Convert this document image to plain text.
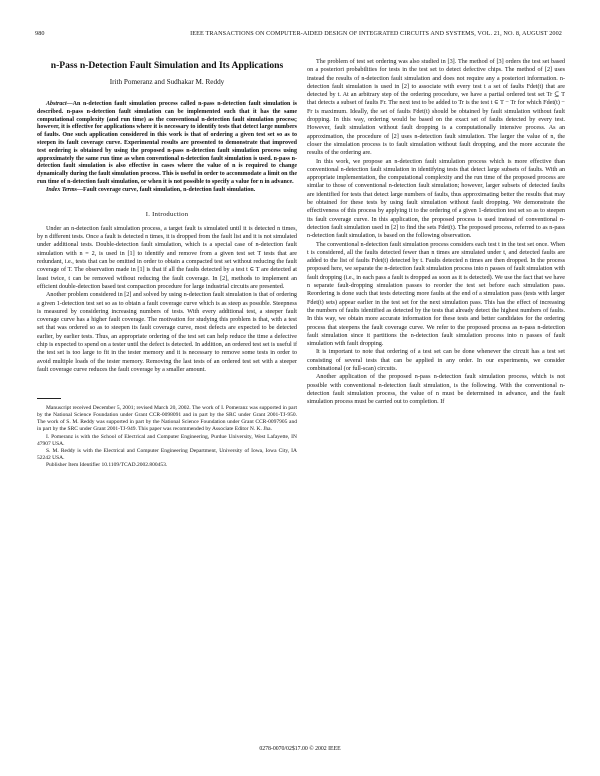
980	IEEE TRANSACTIONS ON COMPUTER-AIDED DESIGN OF INTEGRATED CIRCUITS AND SYSTEMS, VOL. 21, NO. 8, AUGUST 2002
n-Pass n-Detection Fault Simulation and Its Applications
Irith Pomeranz and Sudhakar M. Reddy

Abstract—An n-detection fault simulation process called n-pass n-detection fault simulation is described. n-pass n-detection fault simulation can be implemented such that it has the same computational complexity (and run time) as the conventional n-detection fault simulation process; however, it is effective for applications where it is necessary to identify tests that detect large numbers of faults. One such application considered in this work is that of ordering a given test set so as to steepen its fault coverage curve. Experimental results are presented to demonstrate that improved test ordering is obtained by using the proposed n-pass n-detection fault simulation process using approximately the same run time as when conventional n-detection fault simulation is used. n-pass n-detection fault simulation is also effective in cases where the value of n is required to change dynamically during the fault simulation process. This is useful in order to accommodate a limit on the run time of n-detection fault simulation, or when it is not possible to specify a value for n in advance.

Index Terms—Fault coverage curve, fault simulation, n-detection fault simulation.

I. Introduction

Under an n-detection fault simulation process, a target fault is simulated until it is detected n times, by n different tests. Once a fault is detected n times, it is dropped from the fault list and it is not simulated under additional tests. Double-detection fault simulation, which is a special case of n-detection fault simulation with n = 2, is used in [1] to identify and remove from a given test set T tests that are redundant, i.e., tests that can be omitted in order to obtain a compacted test set without reducing the fault coverage of T. The observation made in [1] is that if all the faults detected by a test t ∈ T are detected at least twice, t can be removed without reducing the fault coverage. In [2], methods to implement an efficient double-detection based test compaction procedure for large industrial circuits are presented.

Another problem considered in [2] and solved by using n-detection fault simulation is that of ordering a given 1-detection test set so as to obtain a fault coverage curve which is as steep as possible. Steepness is measured by considering increasing numbers of tests. With every additional test, a steeper fault coverage curve has a higher fault coverage. The motivation for studying this problem is that, with a test set that was ordered so as to steepen its fault coverage curve, most defects are expected to be detected earlier, by earlier tests. Thus, an appropriate ordering of the test set can help reduce the time a defective chip is expected to spend on a tester until the defect is detected. In addition, an ordered test set is useful if the test set is too large to fit in the tester memory and it is necessary to remove some tests in order to avoid multiple loads of the tester memory. Removing the last tests of an ordered test set with a steeper fault coverage curve reduces the fault coverage by a smaller amount.

Manuscript received December 5, 2001; revised March 20, 2002. The work of I. Pomeranz was supported in part by the National Science Foundation under Grant CCR-0098091 and in part by the SRC under Grant 2001-TJ-950. The work of S. M. Reddy was supported in part by the National Science Foundation under Grant CCR-0097905 and in part by the SRC under Grant 2001-TJ-949. This paper was recommended by Associate Editor N. K. Jha.
I. Pomeranz is with the School of Electrical and Computer Engineering, Purdue University, West Lafayette, IN 47907 USA.
S. M. Reddy is with the Electrical and Computer Engineering Department, University of Iowa, Iowa City, IA 52242 USA.
Publisher Item Identifier 10.1109/TCAD.2002.800453.

The problem of test set ordering was also studied in [3]. The method of [3] orders the test set based on a posteriori probabilities for tests in the test set to detect defective chips. The method of [2] uses instead the results of n-detection fault simulation and does not require any a posteriori information. n-detection fault simulation is used in [2] to associate with every test t a set of faults Fdet(t) that are detected by t. At an arbitrary step of the ordering procedure, we have a partial ordered test set Tr ⊆ T that detects a subset of faults Fr. The next test to be added to Tr is the test t ∈ T − Tr for which Fdet(t) − Fr is maximum. Ideally, the set of faults Fdet(t) should be obtained by fault simulation without fault dropping. In this way, ordering would be based on the exact set of faults detected by every test. However, fault simulation without fault dropping is a computationally intensive process. As an approximation, the procedure of [2] uses n-detection fault simulation. The larger the value of n, the closer the simulation process is to fault simulation without fault dropping, and the more accurate the results of the ordering are.

In this work, we propose an n-detection fault simulation process which is more effective than conventional n-detection fault simulation in identifying tests that detect large subsets of faults. With an appropriate implementation, the computational complexity and the run time of the proposed process are similar to those of conventional n-detection fault simulation; however, larger subsets of detected faults are identified for tests that detect large numbers of faults, thus approximating better the results that may be obtained for these tests by using fault simulation without fault dropping. We demonstrate the effectiveness of this process by applying it to the ordering of a given 1-detection test set so as to steepen its fault coverage curve. In this application, the proposed process is used instead of conventional n-detection fault simulation used in [2] to find the sets Fdet(t). The proposed process, referred to as n-pass n-detection fault simulation, is based on the following observation.

The conventional n-detection fault simulation process considers each test t in the test set once. When t is considered, all the faults detected fewer than n times are simulated under t, and detected faults are added to the list of faults Fdet(t) detected by t. Faults detected n times are then dropped. In the process proposed here, we separate the n-detection fault simulation process into n passes of fault simulation with fault dropping (i.e., in each pass a fault is dropped as soon as it is detected). We use the fact that we have n separate fault-dropping simulation passes to reorder the test set before each simulation pass. Reordering is done such that tests detecting more faults at the end of a simulation pass (tests with larger Fdet(t) sets) appear earlier in the test set for the next simulation pass. This has the effect of increasing the numbers of faults identified as detected by the tests that already detect the highest numbers of faults. In this way, we obtain more accurate information for these tests and better candidates for the ordering process that steepens the fault coverage curve. We refer to the proposed process as n-pass n-detection fault simulation since it partitions the n-detection fault simulation process into n passes of fault simulation with fault dropping.

It is important to note that ordering of a test set can be done whenever the circuit has a test set consisting of several tests that can be applied in any order. In our experiments, we consider combinational (or full-scan) circuits.

Another application of the proposed n-pass n-detection fault simulation process, which is not possible with conventional n-detection fault simulation, is the following. With the conventional n-detection fault simulation process, the value of n must be determined in advance, and the fault simulation process must be carried out to completion. If

0278-0070/02$17.00 © 2002 IEEE
